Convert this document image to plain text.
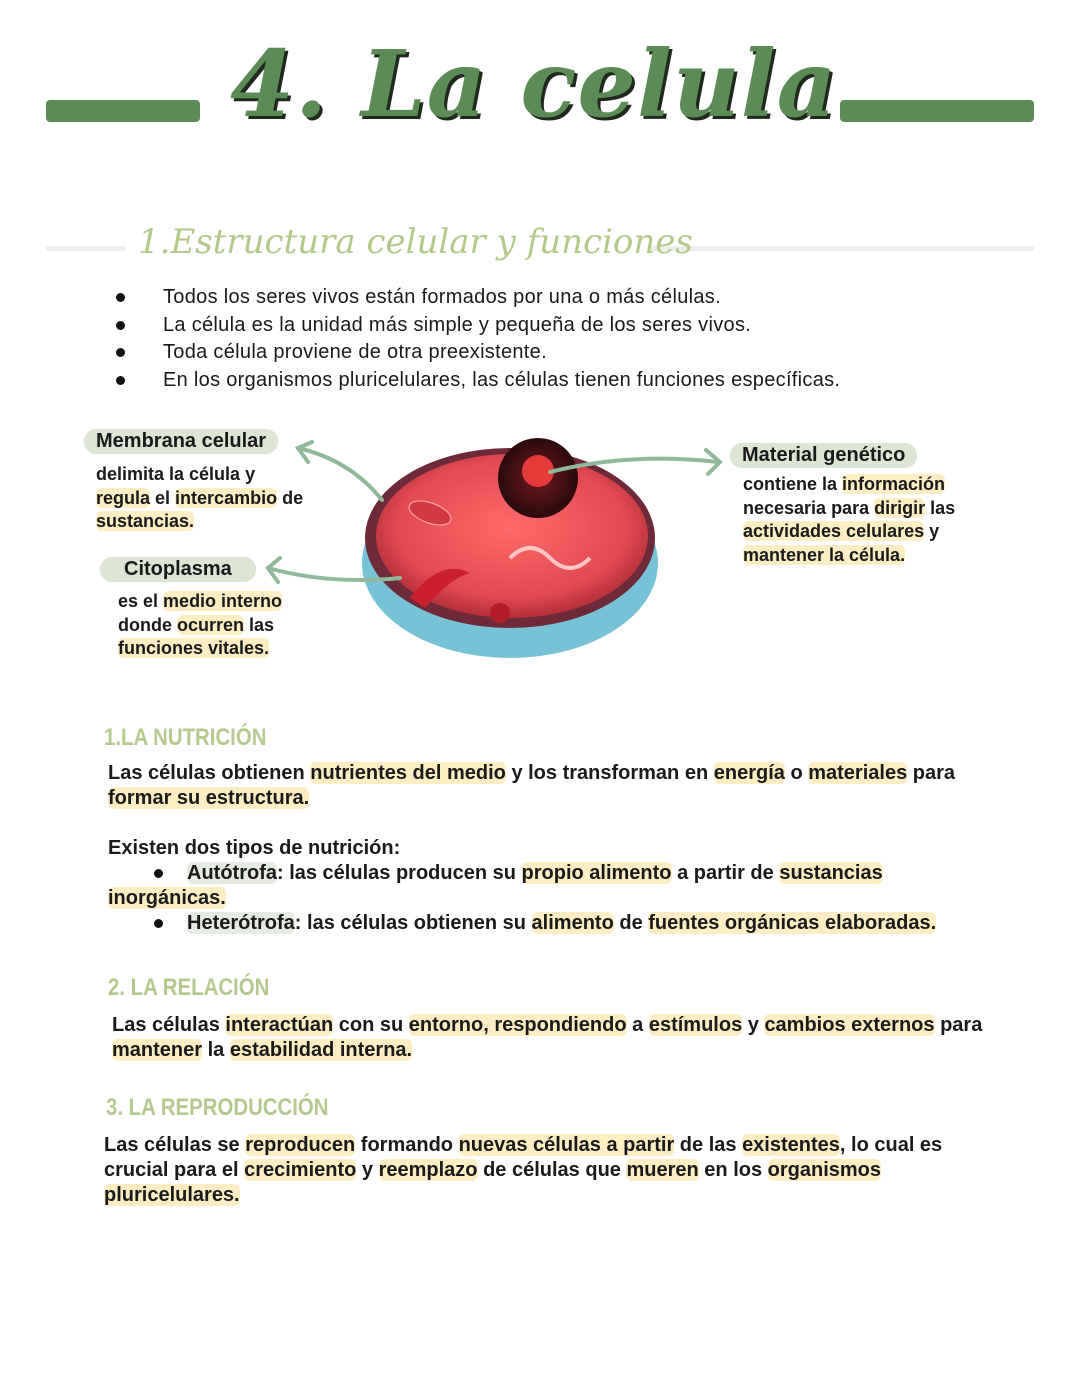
4. La celula
1.Estructura celular y funciones
Todos los seres vivos están formados por una o más células.
La célula es la unidad más simple y pequeña de los seres vivos.
Toda célula proviene de otra preexistente.
En los organismos pluricelulares, las células tienen funciones específicas.
Membrana celular
delimita la célula y
regula el intercambio de
sustancias.
Citoplasma
es el medio interno
donde ocurren las
funciones vitales.
Material genético
contiene la información
necesaria para dirigir las
actividades celulares y
mantener la célula.
1.LA NUTRICIÓN
Las células obtienen nutrientes del medio y los transforman en energía o materiales para
formar su estructura.

Existen dos tipos de nutrición:
Autótrofa: las células producen su propio alimento a partir de sustancias
inorgánicas.
Heterótrofa: las células obtienen su alimento de fuentes orgánicas elaboradas.
2. LA RELACIÓN
Las células interactúan con su entorno, respondiendo a estímulos y cambios externos para
mantener la estabilidad interna.
3. LA REPRODUCCIÓN
Las células se reproducen formando nuevas células a partir de las existentes, lo cual es
crucial para el crecimiento y reemplazo de células que mueren en los organismos
pluricelulares.
